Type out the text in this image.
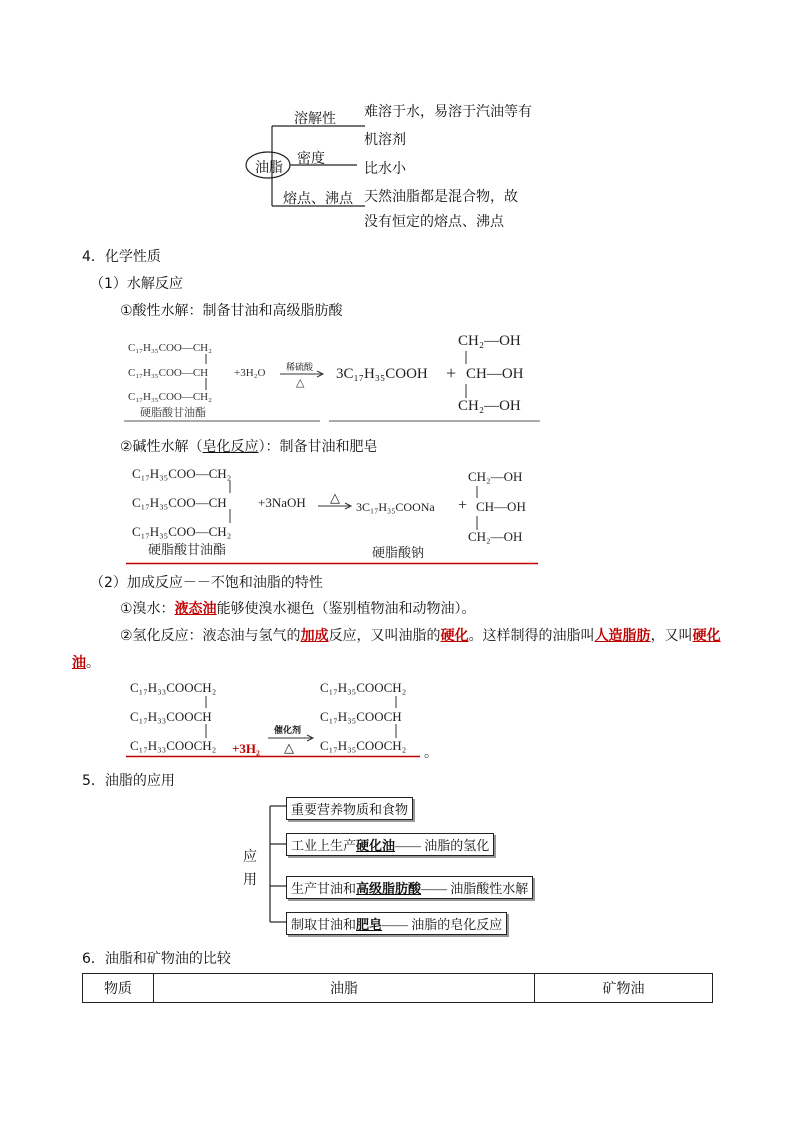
油脂
溶解性
密度
熔点、沸点
难溶于水，易溶于汽油等有
机溶剂
比水小
天然油脂都是混合物，故
没有恒定的熔点、沸点
4．化学性质
（1）水解反应
①酸性水解：制备甘油和高级脂肪酸
C₁₇H₃₅COO—CH₂
C₁₇H₃₅COO—CH
C₁₇H₃₅COO—CH₂
硬脂酸甘油酯
+3H₂O 稀硫酸
△
3C₁₇H₃₅COOH +
CH₂—OH
CH—OH
CH₂—OH
②碱性水解（皂化反应）：制备甘油和肥皂
C₁₇H₃₅COO—CH₂
C₁₇H₃₅COO—CH
C₁₇H₃₅COO—CH₂
硬脂酸甘油酯
+3NaOH △
3C₁₇H₃₅COONa +
CH₂—OH
CH—OH
CH₂—OH
硬脂酸钠
（2）加成反应－－不饱和油脂的特性
①溴水：液态油能够使溴水褪色（鉴别植物油和动物油）。
②氢化反应：液态油与氢气的加成反应，又叫油脂的硬化。这样制得的油脂叫人造脂肪，又叫硬化
油。
C₁₇H₃₃COOCH₂
C₁₇H₃₃COOCH
C₁₇H₃₃COOCH₂ +3H₂
催化剂
△
C₁₇H₃₅COOCH₂
C₁₇H₃₅COOCH
C₁₇H₃₅COOCH₂ 。
5．油脂的应用
应
用
重要营养物质和食物
工业上生产硬化油—— 油脂的氢化
生产甘油和高级脂肪酸—— 油脂酸性水解
制取甘油和肥皂—— 油脂的皂化反应
6．油脂和矿物油的比较
物质	油脂	矿物油
